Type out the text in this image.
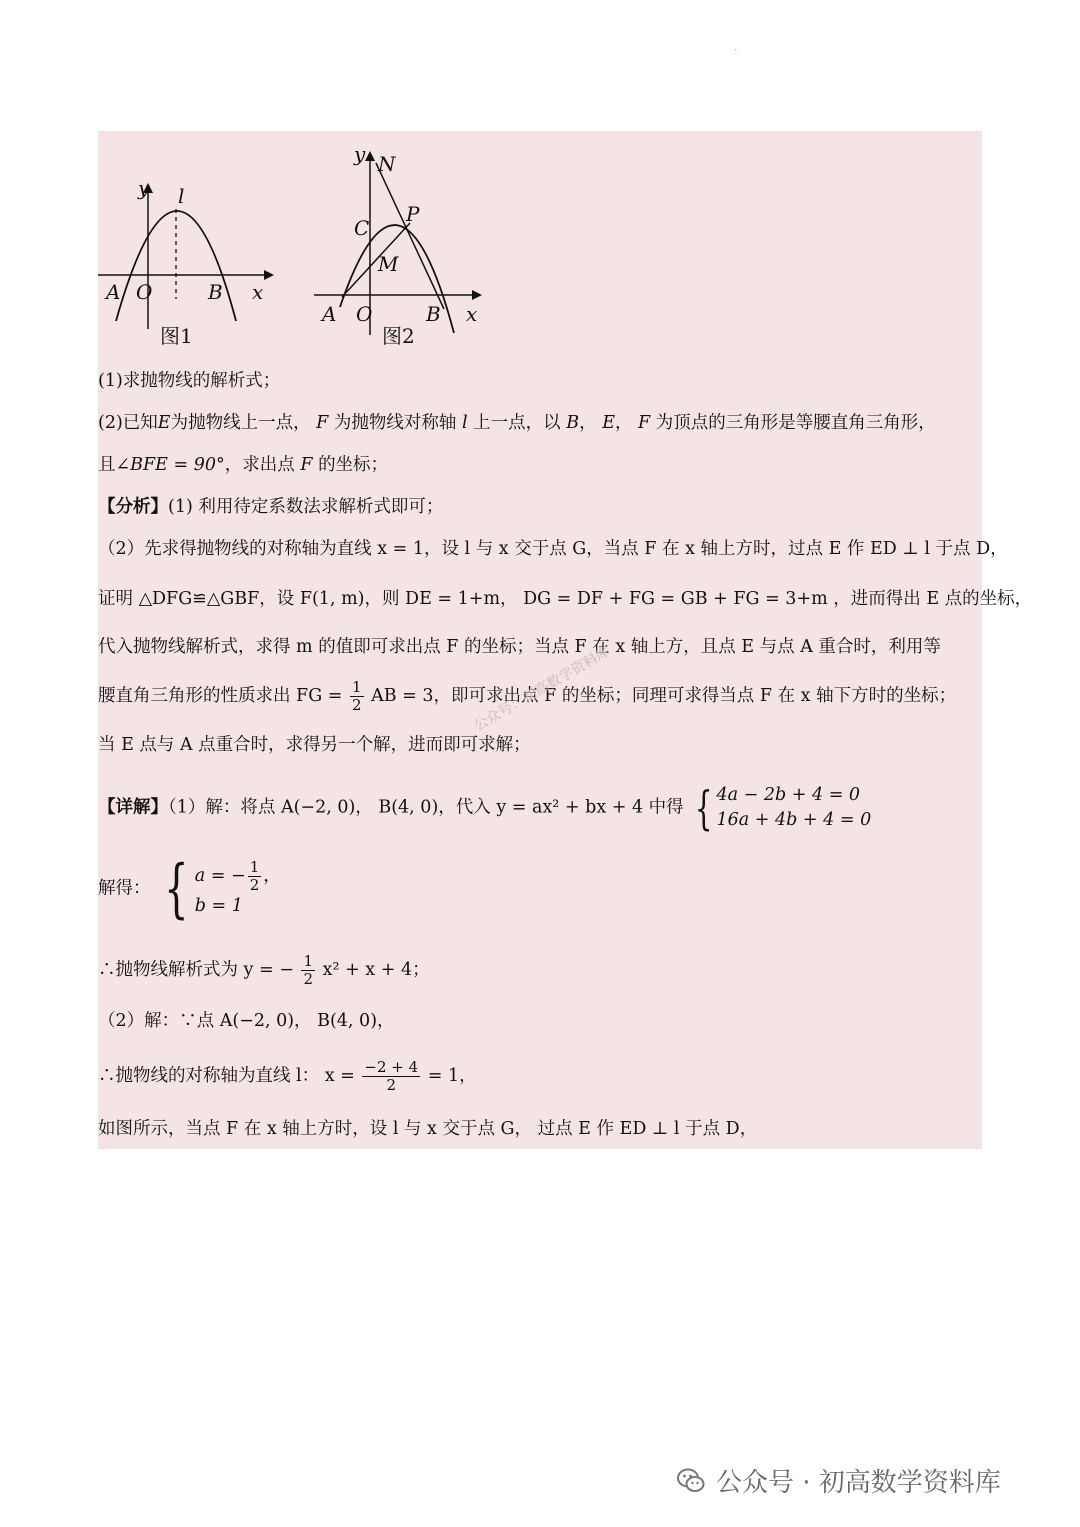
ˏ
y l
A O	B x
图1
y N
C
P
M
A O	B x
图2
(1)求抛物线的解析式；
(2)已知E为抛物线上一点， F 为抛物线对称轴 l 上一点，以 B， E， F 为顶点的三角形是等腰直角三角形，
且∠BFE = 90°，求出点 F 的坐标；
【分析】(1) 利用待定系数法求解析式即可；
（2）先求得抛物线的对称轴为直线 x = 1，设 l 与 x 交于点 G，当点 F 在 x 轴上方时，过点 E 作 ED ⊥ l 于点 D，
证明 △DFG≌△GBF，设 F(1, m)，则 DE = 1+m， DG = DF + FG = GB + FG = 3+m ，进而得出 E 点的坐标，
代入抛物线解析式，求得 m 的值即可求出点 F 的坐标；当点 F 在 x 轴上方，且点 E 与点 A 重合时，利用等
腰直角三角形的性质求出 FG = $\frac{1}{2}$ AB = 3，即可求出点 F 的坐标；同理可求得当点 F 在 x 轴下方时的坐标；
当 E 点与 A 点重合时，求得另一个解，进而即可求解；
【详解】（1）解：将点 A(−2, 0)， B(4, 0)，代入 y = ax² + bx + 4 中得 { 4a − 2b + 4 = 0
16a + 4b + 4 = 0
解得： { a = − $\frac{1}{2}$ ，
b = 1
∴抛物线解析式为 y = − $\frac{1}{2} x^2 + x + 4$；
（2）解：∵点 A(−2, 0)， B(4, 0)，
∴抛物线的对称轴为直线 l： $x = \frac{-2 + 4}{2} = 1$，
如图所示，当点 F 在 x 轴上方时，设 l 与 x 交于点 G， 过点 E 作 ED ⊥ l 于点 D，
公众号：初高数学资料库
公众号 · 初高数学资料库
